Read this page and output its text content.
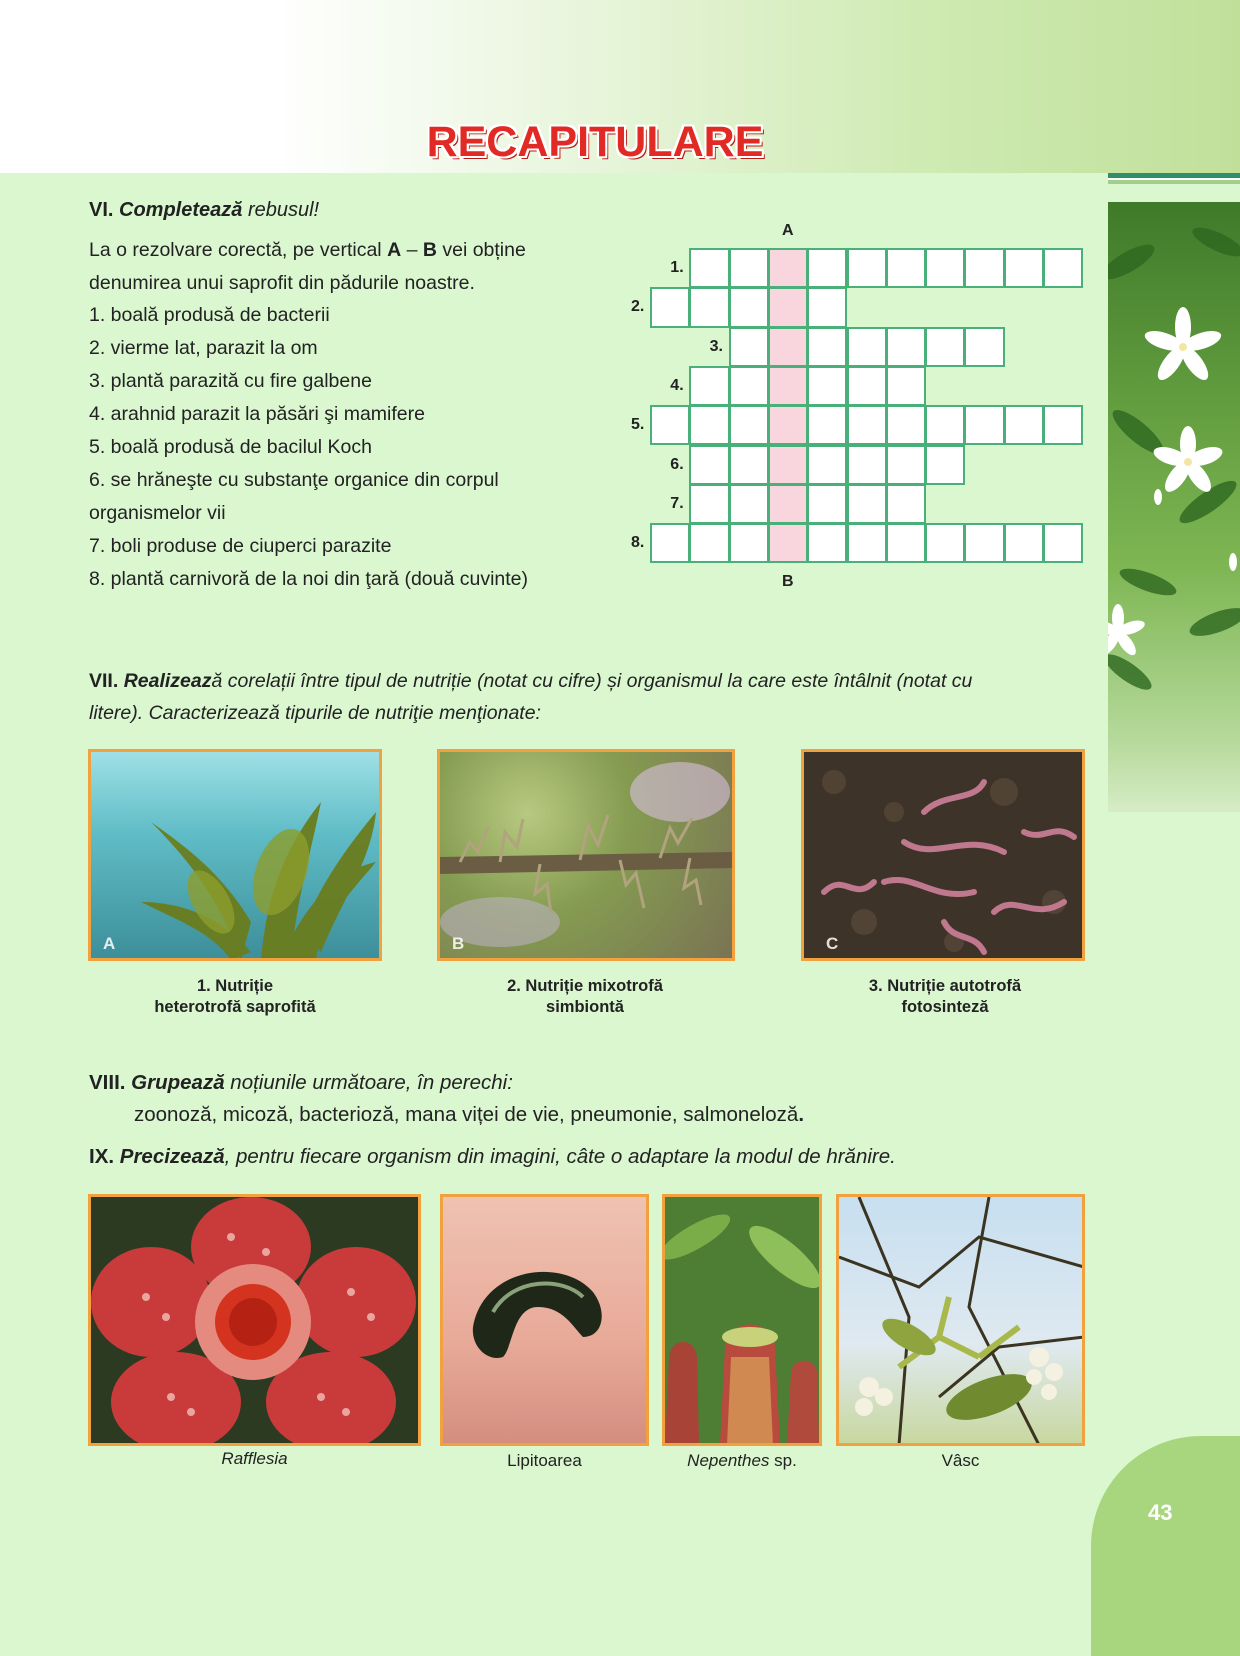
RECAPITULARE
VI. Completează rebusul!
La o rezolvare corectă, pe vertical A – B vei obține
denumirea unui saprofit din pădurile noastre.
1. boală produsă de bacterii
2. vierme lat, parazit la om
3. plantă parazită cu fire galbene
4. arahnid parazit la păsări şi mamifere
5. boală produsă de bacilul Koch
6. se hrăneşte cu substanţe organice din corpul
organismelor vii
7. boli produse de ciuperci parazite
8. plantă carnivoră de la noi din ţară (două cuvinte)
A
B
1.
2.
3.
4.
5.
6.
7.
8.
VII. Realizează corelații între tipul de nutriție (notat cu cifre) și organismul la care este întâlnit (notat cu
litere). Caracterizează tipurile de nutriţie menţionate:
A	B	C
1. Nutriție
heterotrofă saprofită
2. Nutriție mixotrofă
simbiontă
3. Nutriție autotrofă
fotosinteză
VIII. Grupează noțiunile următoare, în perechi:
zoonoză, micoză, bacterioză, mana viței de vie, pneumonie, salmoneloză.
IX. Precizează, pentru fiecare organism din imagini, câte o adaptare la modul de hrănire.
Rafflesia	Lipitoarea	Nepenthes sp.	Vâsc
43
